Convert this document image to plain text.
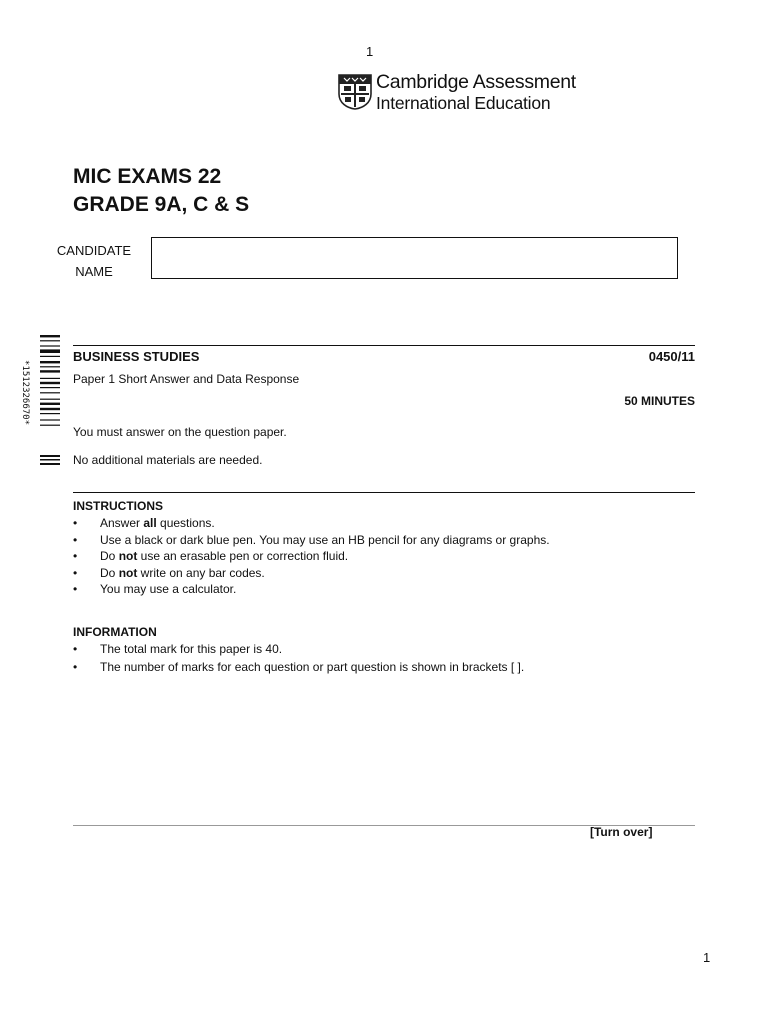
1
Cambridge Assessment
International Education
MIC EXAMS 22
GRADE 9A, C & S
CANDIDATE
NAME
*1512326670*
BUSINESS STUDIES	0450/11
Paper 1 Short Answer and Data Response
50 MINUTES
You must answer on the question paper.
No additional materials are needed.
INSTRUCTIONS
• Answer all questions.
• Use a black or dark blue pen. You may use an HB pencil for any diagrams or graphs.
• Do not use an erasable pen or correction fluid.
• Do not write on any bar codes.
• You may use a calculator.
INFORMATION
• The total mark for this paper is 40.
• The number of marks for each question or part question is shown in brackets [ ].
[Turn over]
1
